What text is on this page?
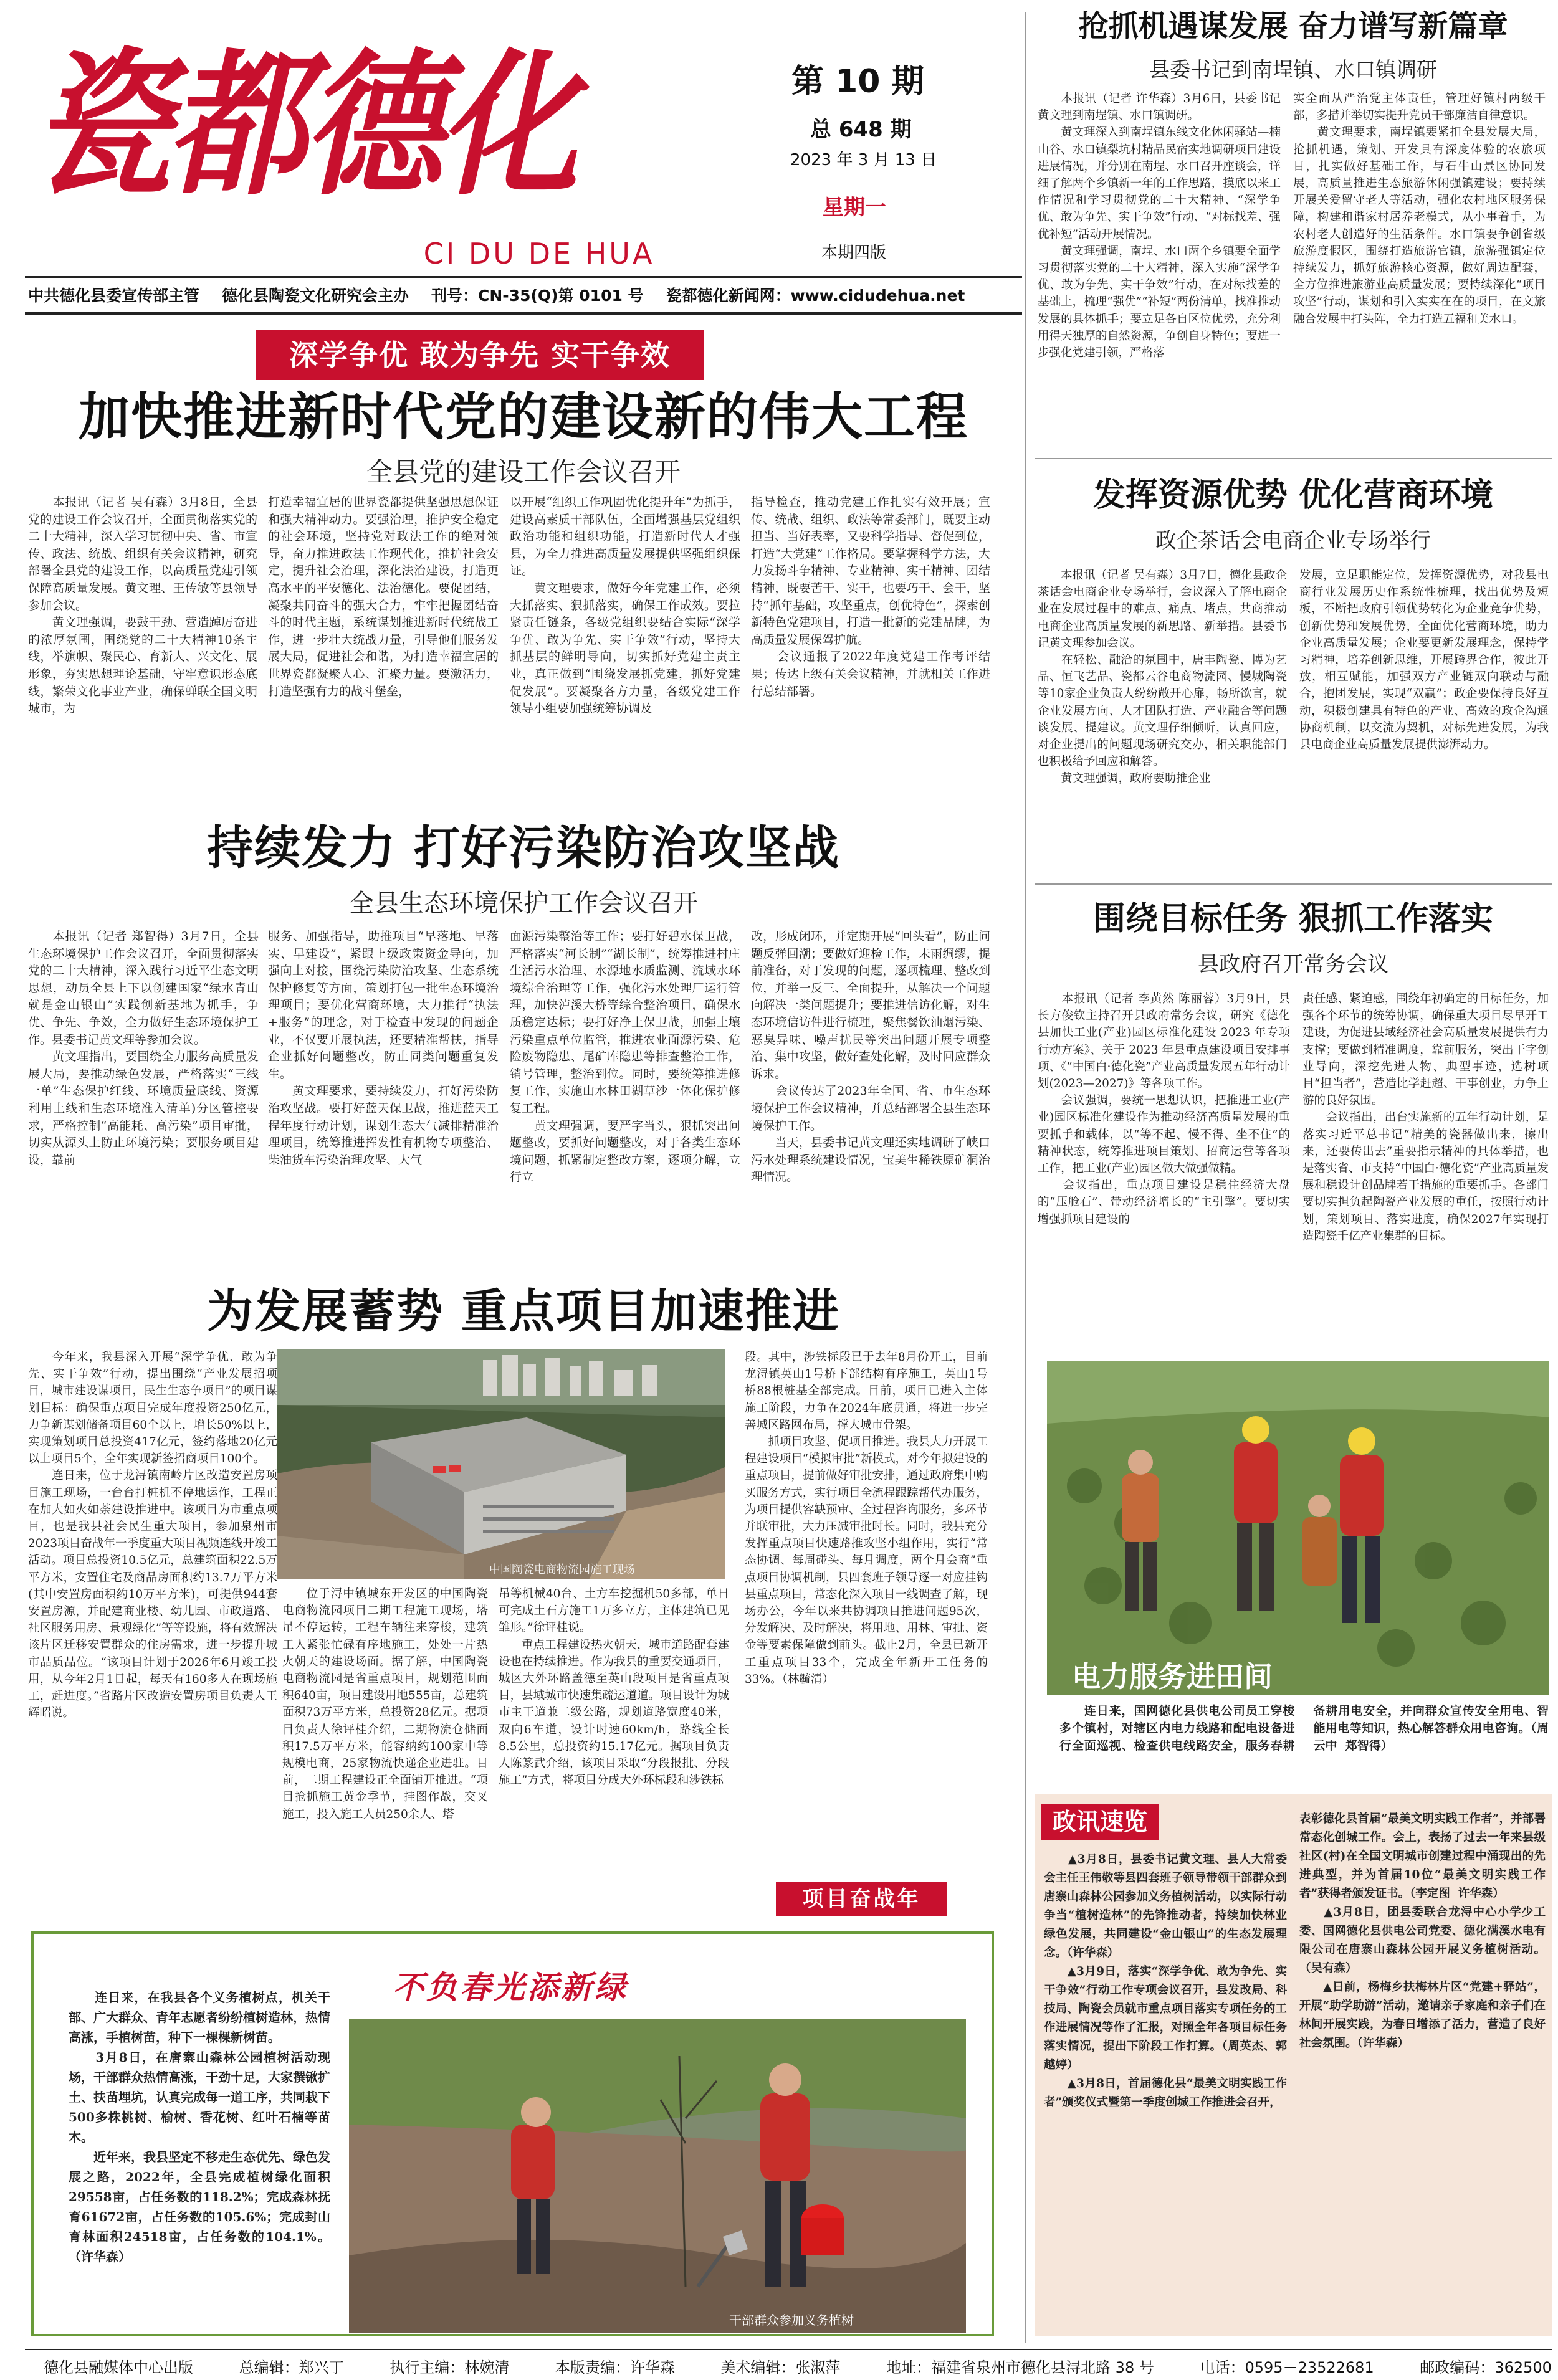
瓷都德化
CI DU DE HUA
第 10 期
总 648 期
2023 年 3 月 13 日
星期一
本期四版
中共德化县委宣传部主管 德化县陶瓷文化研究会主办 刊号：CN-35(Q)第 0101 号 瓷都德化新闻网：www.cidudehua.net
深学争优 敢为争先 实干争效
加快推进新时代党的建设新的伟大工程
全县党的建设工作会议召开
　　本报讯（记者 吴有森）3月8日，全县党的建设工作会议召开，全面贯彻落实党的二十大精神，深入学习贯彻中央、省、市宣传、政法、统战、组织有关会议精神，研究部署全县党的建设工作，以高质量党建引领保障高质量发展。黄文理、王传敏等县领导参加会议。
　　黄文理强调，要鼓干劲、营造踔厉奋进的浓厚氛围，围绕党的二十大精神10条主线，举旗帜、聚民心、育新人、兴文化、展形象，夯实思想理论基础，守牢意识形态底线，繁荣文化事业产业，确保蝉联全国文明城市，为
打造幸福宜居的世界瓷都提供坚强思想保证和强大精神动力。要强治理，推护安全稳定的社会环境，坚持党对政法工作的绝对领导，奋力推进政法工作现代化，推护社会安定，提升社会治理，深化法治建设，打造更高水平的平安德化、法治德化。要促团结，凝聚共同奋斗的强大合力，牢牢把握团结奋斗的时代主题，系统谋划推进新时代统战工作，进一步壮大统战力量，引导他们服务发展大局，促进社会和谐，为打造幸福宜居的世界瓷都凝聚人心、汇聚力量。要激活力，打造坚强有力的战斗堡垒，
以开展“组织工作巩固优化提升年”为抓手，建设高素质干部队伍，全面增强基层党组织政治功能和组织功能，打造新时代人才强县，为全力推进高质量发展提供坚强组织保证。
　　黄文理要求，做好今年党建工作，必须大抓落实、狠抓落实，确保工作成效。要拉紧责任链条，各级党组织要结合实际“深学争优、敢为争先、实干争效”行动，坚持大抓基层的鲜明导向，切实抓好党建主责主业，真正做到“围绕发展抓党建，抓好党建促发展”。要凝聚各方力量，各级党建工作领导小组要加强统筹协调及
指导检查，推动党建工作扎实有效开展；宣传、统战、组织、政法等常委部门，既要主动担当、当好表率，又要科学指导、督促到位，打造“大党建”工作格局。要掌握科学方法，大力发扬斗争精神、专业精神、实干精神、团结精神，既要苦干、实干，也要巧干、会干，坚持“抓年基础，攻坚重点，创优特色”，探索创新特色党建项目，打造一批新的党建品牌，为高质量发展保驾护航。
　　会议通报了2022年度党建工作考评结果；传达上级有关会议精神，并就相关工作进行总结部署。
持续发力 打好污染防治攻坚战
全县生态环境保护工作会议召开
　　本报讯（记者 郑智得）3月7日，全县生态环境保护工作会议召开，全面贯彻落实党的二十大精神，深入践行习近平生态文明思想，动员全县上下以创建国家“绿水青山就是金山银山”实践创新基地为抓手，争优、争先、争效，全力做好生态环境保护工作。县委书记黄文理等参加会议。
　　黄文理指出，要围绕全力服务高质量发展大局，要推动绿色发展，严格落实“三线一单”生态保护红线、环境质量底线、资源利用上线和生态环境准入清单)分区管控要求，严格控制“高能耗、高污染”项目审批，切实从源头上防止环境污染；要服务项目建设，靠前
服务、加强指导，助推项目“早落地、早落实、早建设”，紧跟上级政策资金导向，加强向上对接，围绕污染防治攻坚、生态系统保护修复等方面，策划打包一批生态环境治理项目；要优化营商环境，大力推行“执法+服务”的理念，对于检查中发现的问题企业，不仅要开展执法，还要精准帮扶，指导企业抓好问题整改，防止同类问题重复发生。
　　黄文理要求，要持续发力，打好污染防治攻坚战。要打好蓝天保卫战，推进蓝天工程年度行动计划，谋划生态大气减排精准治理项目，统筹推进挥发性有机物专项整治、柴油货车污染治理攻坚、大气
面源污染整治等工作；要打好碧水保卫战，严格落实“河长制”“湖长制”，统筹推进村庄生活污水治理、水源地水质监测、流域水环境综合治理等工作，强化污水处理厂运行管理，加快泸溪大桥等综合整治项目，确保水质稳定达标；要打好净土保卫战，加强土壤污染重点单位监管，推进农业面源污染、危险废物隐患、尾矿库隐患等排查整治工作，销号管理，整治到位。同时，要统筹推进修复工作，实施山水林田湖草沙一体化保护修复工程。
　　黄文理强调，要严字当头，狠抓突出问题整改，要抓好问题整改，对于各类生态环境问题，抓紧制定整改方案，逐项分解，立行立
改，形成闭环，并定期开展“回头看”，防止问题反弹回潮；要做好迎检工作，未雨绸缪，提前准备，对于发现的问题，逐项梳理、整改到位，并举一反三、全面提升，从解决一个问题向解决一类问题提升；要推进信访化解，对生态环境信访件进行梳理，聚焦餐饮油烟污染、恶臭异味、噪声扰民等突出问题开展专项整治、集中攻坚，做好查处化解，及时回应群众诉求。
　　会议传达了2023年全国、省、市生态环境保护工作会议精神，并总结部署全县生态环境保护工作。
　　当天，县委书记黄文理还实地调研了峡口污水处理系统建设情况，宝美生稀铁原矿洞治理情况。
为发展蓄势 重点项目加速推进
　　今年来，我县深入开展“深学争优、敢为争先、实干争效”行动，提出围绕“产业发展招项目，城市建设谋项目，民生生态争项目”的项目谋划目标：确保重点项目完成年度投资250亿元，力争新谋划储备项目60个以上，增长50%以上，实现策划项目总投资417亿元，签约落地20亿元以上项目5个，全年实现新签招商项目100个。
　　连日来，位于龙浔镇南岭片区改造安置房项目施工现场，一台台打桩机不停地运作，工程正在加大如火如荼建设推进中。该项目为市重点项目，也是我县社会民生重大项目，参加泉州市2023项目奋战年一季度重大项目视频连线开竣工活动。项目总投资10.5亿元，总建筑面积22.5万平方米，安置住宅及商品房面积约13.7万平方米(其中安置房面积约10万平方米)，可提供944套安置房源，并配建商业楼、幼儿园、市政道路、社区服务用房、景观绿化”等等设施，将有效解决该片区迁移安置群众的住房需求，进一步提升城市品质品位。“该项目计划于2026年6月竣工投用，从今年2月1日起，每天有160多人在现场施工，赶进度。”省路片区改造安置房项目负责人王辉昭说。
中国陶瓷电商物流园施工现场
　　位于浔中镇城东开发区的中国陶瓷电商物流园项目二期工程施工现场，塔吊不停运转，工程车辆往来穿梭，建筑工人紧张忙碌有序地施工，处处一片热火朝天的建设场面。据了解，中国陶瓷电商物流园是省重点项目，规划范围面积640亩，项目建设用地555亩，总建筑面积73万平方米，总投资28亿元。据项目负责人徐评桂介绍，二期物流仓储面积17.5万平方米，能容纳约100家中等规模电商，25家物流快递企业进驻。目前，二期工程建设正全面铺开推进。“项目抢抓施工黄金季节，挂图作战，交叉施工，投入施工人员250余人、塔
吊等机械40台、土方车挖掘机50多部，单日可完成土石方施工1万多立方，主体建筑已见雏形。”徐评桂说。
　　重点工程建设热火朝天，城市道路配套建设也在持续推进。作为我县的重要交通项目，城区大外环路盖德至英山段项目是省重点项目，县域城市快速集疏运道道。项目设计为城市主干道兼二级公路，规划道路宽度40米，双向6车道，设计时速60km/h，路线全长8.5公里，总投资约15.17亿元。据项目负责人陈篆武介绍，该项目采取“分段报批、分段施工”方式，将项目分成大外环标段和涉铁标
段。其中，涉铁标段已于去年8月份开工，目前龙浔镇英山1号桥下部结构有序施工，英山1号桥88根桩基全部完成。目前，项目已进入主体施工阶段，力争在2024年底贯通，将进一步完善城区路网布局，撑大城市骨架。
　　抓项目攻坚、促项目推进。我县大力开展工程建设项目“模拟审批”新模式，对今年拟建设的重点项目，提前做好审批安排，通过政府集中购买服务方式，实行项目全流程跟踪帮代办服务，为项目提供容缺预审、全过程咨询服务，多环节并联审批，大力压减审批时长。同时，我县充分发挥重点项目快速路推攻坚小组作用，实行“常态协调、每周碰头、每月调度，两个月会商”重点项目协调机制，县四套班子领导逐一对应挂钩县重点项目，常态化深入项目一线调查了解，现场办公，今年以来共协调项目推进问题95次，分发解决、及时解决，将用地、用林、审批、资金等要素保障做到前头。截止2月，全县已新开工重点项目33个，完成全年新开工任务的33%。（林毓清）
项目奋战年
　　连日来，在我县各个义务植树点，机关干部、广大群众、青年志愿者纷纷植树造林，热情高涨，手植树苗，种下一棵棵新树苗。
　　3月8日，在唐寨山森林公园植树活动现场，干部群众热情高涨，干劲十足，大家撰锹扩土、扶苗埋坑，认真完成每一道工序，共同栽下500多株桃树、榆树、香花树、红叶石楠等苗木。
　　近年来，我县坚定不移走生态优先、绿色发展之路，2022年，全县完成植树绿化面积29558亩，占任务数的118.2%；完成森林抚育61672亩，占任务数的105.6%；完成封山育林面积24518亩，占任务数的104.1%。（许华森）
不负春光添新绿
干部群众参加义务植树
抢抓机遇谋发展 奋力谱写新篇章
县委书记到南埕镇、水口镇调研
　　本报讯（记者 许华森）3月6日，县委书记黄文理到南埕镇、水口镇调研。
　　黄文理深入到南埕镇东线文化休闲驿站—楠山谷、水口镇梨坑村精品民宿实地调研项目建设进展情况，并分别在南埕、水口召开座谈会，详细了解两个乡镇新一年的工作思路，摸底以来工作情况和学习贯彻党的二十大精神、“深学争优、敢为争先、实干争效”行动、“对标找差、强优补短”活动开展情况。
　　黄文理强调，南埕、水口两个乡镇要全面学习贯彻落实党的二十大精神，深入实施“深学争优、敢为争先、实干争效”行动，在对标找差的基础上，梳理“强优”“补短”两份清单，找准推动发展的具体抓手；要立足各自区位优势，充分利用得天独厚的自然资源，争创自身特色；要进一步强化党建引领，严格落
实全面从严治党主体责任，管理好镇村两级干部，多措并举切实提升党员干部廉洁自律意识。
　　黄文理要求，南埕镇要紧扣全县发展大局，抢抓机遇，策划、开发具有深度体验的农旅项目，扎实做好基础工作，与石牛山景区协同发展，高质量推进生态旅游休闲强镇建设；要持续开展关爱留守老人等活动，强化农村地区服务保障，构建和谐家村居养老模式，从小事着手，为农村老人创造好的生活条件。水口镇要争创省级旅游度假区，围绕打造旅游官镇，旅游强镇定位持续发力，抓好旅游核心资源，做好周边配套，全方位推进旅游业高质量发展；要持续深化“项目攻坚”行动，谋划和引入实实在在的项目，在文旅融合发展中打头阵，全力打造五福和美水口。
发挥资源优势 优化营商环境
政企茶话会电商企业专场举行
　　本报讯（记者 吴有森）3月7日，德化县政企茶话会电商企业专场举行，会议深入了解电商企业在发展过程中的难点、痛点、堵点，共商推动电商企业高质量发展的新思路、新举措。县委书记黄文理参加会议。
　　在轻松、融洽的氛围中，唐丰陶瓷、博为艺品、恒飞艺品、瓷都云谷电商物流园、慢城陶瓷等10家企业负责人纷纷敞开心扉，畅所欲言，就企业发展方向、人才团队打造、产业融合等问题谈发展、提建议。黄文理仔细倾听，认真回应，对企业提出的问题现场研究交办，相关职能部门也积极给予回应和解答。
　　黄文理强调，政府要助推企业
发展，立足职能定位，发挥资源优势，对我县电商行业发展历史作系统性梳理，找出优势及短板，不断把政府引领优势转化为企业竞争优势，创新优势和发展优势，全面优化营商环境，助力企业高质量发展；企业要更新发展理念，保持学习精神，培养创新思维，开展跨界合作，彼此开放，相互赋能，加强双方产业链双向联动与融合，抱团发展，实现“双赢”；政企要保持良好互动，积极创建具有特色的产业、高效的政企沟通协商机制，以交流为契机，对标先进发展，为我县电商企业高质量发展提供澎湃动力。
围绕目标任务 狠抓工作落实
县政府召开常务会议
　　本报讯（记者 李黄然 陈丽蓉）3月9日，县长方俊钦主持召开县政府常务会议，研究《德化县加快工业(产业)园区标准化建设 2023 年专项行动方案》、关于 2023 年县重点建设项目安排事项、《“中国白·德化瓷”产业高质量发展五年行动计划(2023—2027)》等各项工作。
　　会议强调，要统一思想认识，把推进工业(产业)园区标准化建设作为推动经济高质量发展的重要抓手和载体，以“等不起、慢不得、坐不住”的精神状态，统筹推进项目策划、招商运营等各项工作，把工业(产业)园区做大做强做精。
　　会议指出，重点项目建设是稳住经济大盘的“压舱石”、带动经济增长的“主引擎”。要切实增强抓项目建设的
责任感、紧迫感，围绕年初确定的目标任务，加强各个环节的统筹协调，确保重大项目尽早开工建设，为促进县域经济社会高质量发展提供有力支撑；要做到精准调度，靠前服务，突出干字创业导向，深挖先进人物、典型事迹，选树项目“担当者”，营造比学赶超、干事创业，力争上游的良好氛围。
　　会议指出，出台实施新的五年行动计划，是落实习近平总书记“精美的瓷器做出来，擦出来，还要传出去”重要指示精神的具体举措，也是落实省、市支持“中国白·德化瓷”产业高质量发展和稳设计创品牌若干措施的重要抓手。各部门要切实担负起陶瓷产业发展的重任，按照行动计划，策划项目、落实进度，确保2027年实现打造陶瓷千亿产业集群的目标。
电力服务进田间
　　连日来，国网德化县供电公司员工穿梭多个镇村，对辖区内电力线路和配电设备进行全面巡视、检查供电线路安全，服务春耕备耕用电安全，并向群众宣传安全用电、智能用电等知识，热心解答群众用电咨询。（周云中  郑智得）
政讯速览
　　▲3月8日，县委书记黄文理、县人大常委会主任王伟敬等县四套班子领导带领干部群众到唐寨山森林公园参加义务植树活动，以实际行动争当“植树造林”的先锋推动者，持续加快林业绿色发展，共同建设“金山银山”的生态发展理念。（许华森）
　　▲3月9日，落实“深学争优、敢为争先、实干争效”行动工作专项会议召开，县发改局、科技局、陶瓷会员就市重点项目落实专项任务的工作进展情况等作了汇报，对照全年各项目标任务落实情况，提出下阶段工作打算。（周英杰、郭越婷）
　　▲3月8日，首届德化县“最美文明实践工作者”颁奖仪式暨第一季度创城工作推进会召开，
表彰德化县首届“最美文明实践工作者”，并部署常态化创城工作。会上，表扬了过去一年来县级社区(村)在全国文明城市创建过程中涌现出的先进典型，并为首届10位“最美文明实践工作者”获得者颁发证书。（李定图  许华森）
　　▲3月8日，团县委联合龙浔中心小学少工委、国网德化县供电公司党委、德化满溪水电有限公司在唐寨山森林公园开展义务植树活动。（吴有森）
　　▲日前，杨梅乡扶梅林片区“党建+驿站”，开展“助学助游”活动，邀请亲子家庭和亲子们在林间开展实践，为春日增添了活力，营造了良好社会氛围。（许华森）
德化县融媒体中心出版	总编辑：郑兴丁	执行主编：林婉清	本版责编：许华森	美术编辑：张淑萍	地址：福建省泉州市德化县浔北路 38 号	电话：0595－23522681	邮政编码：362500
